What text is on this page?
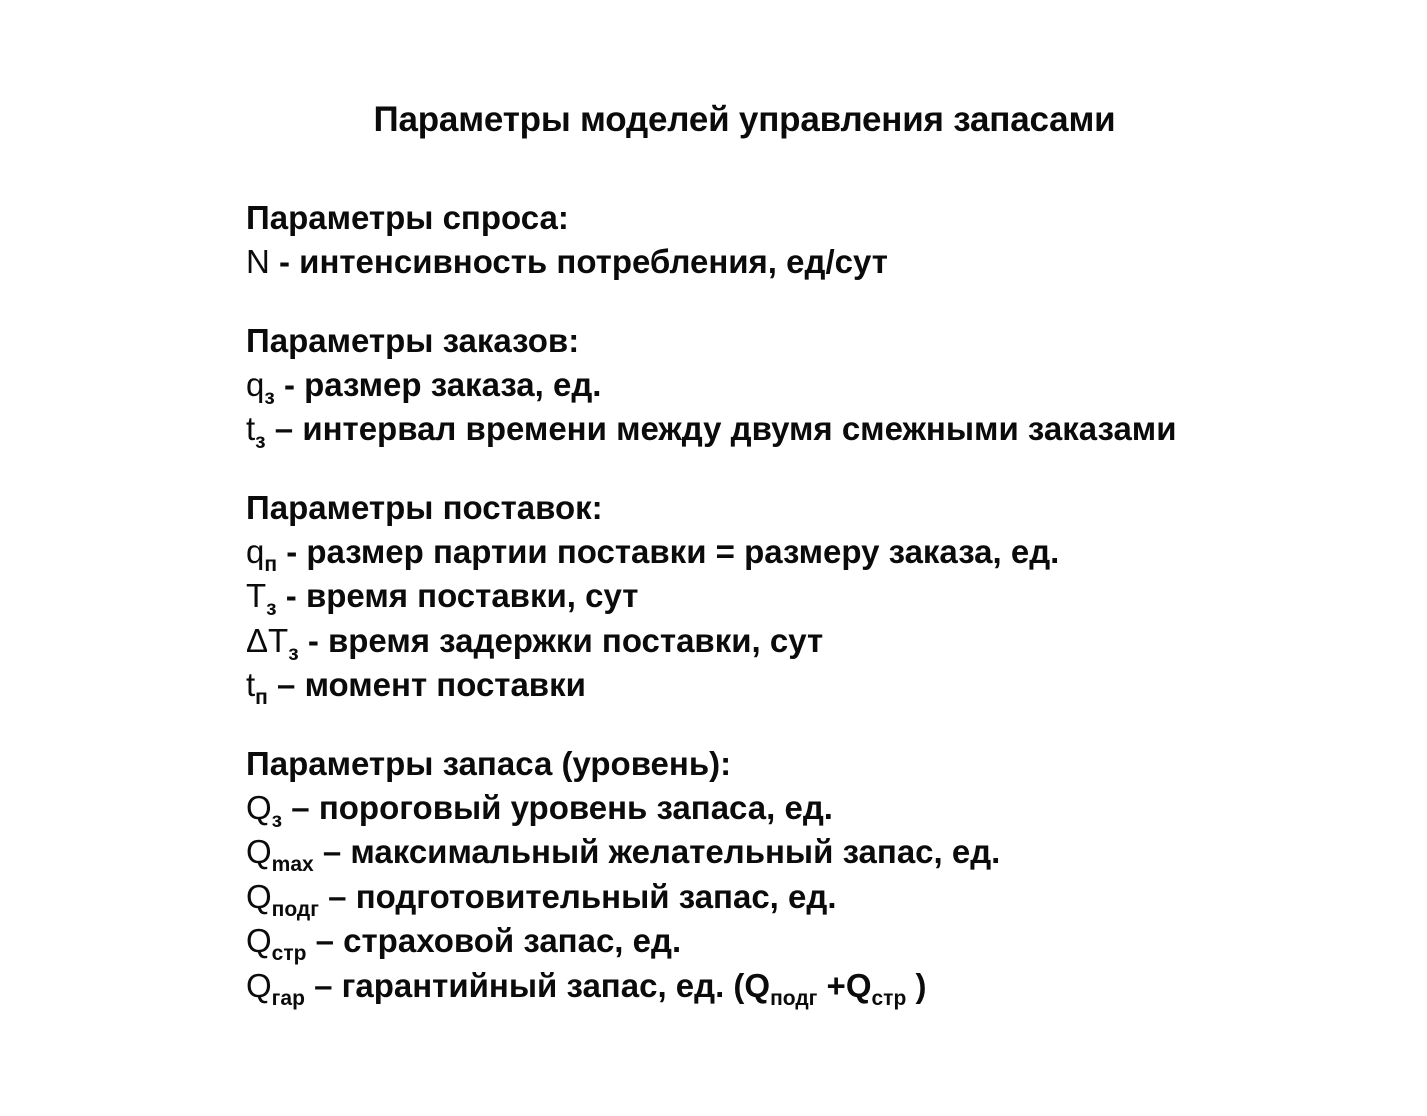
Параметры моделей управления запасами
Параметры спроса:
N - интенсивность потребления, ед/сут
Параметры заказов:
$q_з$ - размер заказа, ед.
$t_з$ – интервал времени между двумя смежными заказами
Параметры поставок:
$q_п$ - размер партии поставки = размеру заказа, ед.
$T_з$ - время поставки, сут
$\Delta T_з$ - время задержки поставки, сут
$t_п$ – момент поставки
Параметры запаса (уровень):
$Q_з$ – пороговый уровень запаса, ед.
$Q_{max}$ – максимальный желательный запас, ед.
$Q_{подг}$ – подготовительный запас, ед.
$Q_{стр}$ – страховой запас, ед.
$Q_{гар}$ – гарантийный запас, ед. ($Q_{подг} +Q_{стр}$ )
